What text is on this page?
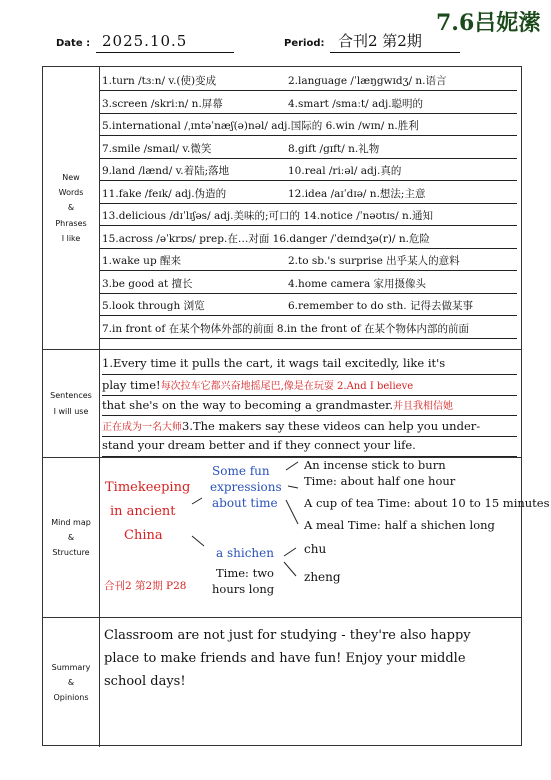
Date : 2025.10.5	Period: 合刊2 第2期
7.6吕妮潆
New
Words
&
Phrases
I like
1.turn /tɜːn/ v.(使)变成	2.language /ˈlæŋgwɪdʒ/ n.语言
3.screen /skriːn/ n.屏幕	4.smart /smaːt/ adj.聪明的
5.international /ˌɪntəˈnæʃ(ə)nəl/ adj.国际的 6.win /wɪn/ n.胜利
7.smile /smaɪl/ v.微笑	8.gift /gɪft/ n.礼物
9.land /lænd/ v.着陆;落地	10.real /riːəl/ adj.真的
11.fake /feɪk/ adj.伪造的	12.idea /aɪˈdɪə/ n.想法;主意
13.delicious /dɪˈlɪʃəs/ adj.美味的;可口的 14.notice /ˈnəʊtɪs/ n.通知
15.across /əˈkrɒs/ prep.在…对面 16.danger /ˈdeɪndʒə(r)/ n.危险
1.wake up 醒来	2.to sb.'s surprise 出乎某人的意料
3.be good at 擅长	4.home camera 家用摄像头
5.look through 浏览	6.remember to do sth. 记得去做某事
7.in front of 在某个物体外部的前面 8.in the front of 在某个物体内部的前面
Sentences
I will use
1.Every time it pulls the cart, it wags tail excitedly, like it's
play time!每次拉车它都兴奋地摇尾巴,像是在玩耍 2.And I believe
that she's on the way to becoming a grandmaster.并且我相信她
正在成为一名大师3.The makers say these videos can help you under-
stand your dream better and if they connect your life.
Mind map
&
Structure
Timekeeping
in ancient
China
Some fun
expressions
about time
An incense stick to burn
Time: about half one hour
A cup of tea Time: about 10 to 15 minutes
A meal Time: half a shichen long
a shichen
Time: two
hours long
chu
zheng
合刊2 第2期 P28
Summary
&
Opinions
Classroom are not just for studying - they're also happy
place to make friends and have fun! Enjoy your middle
school days!
